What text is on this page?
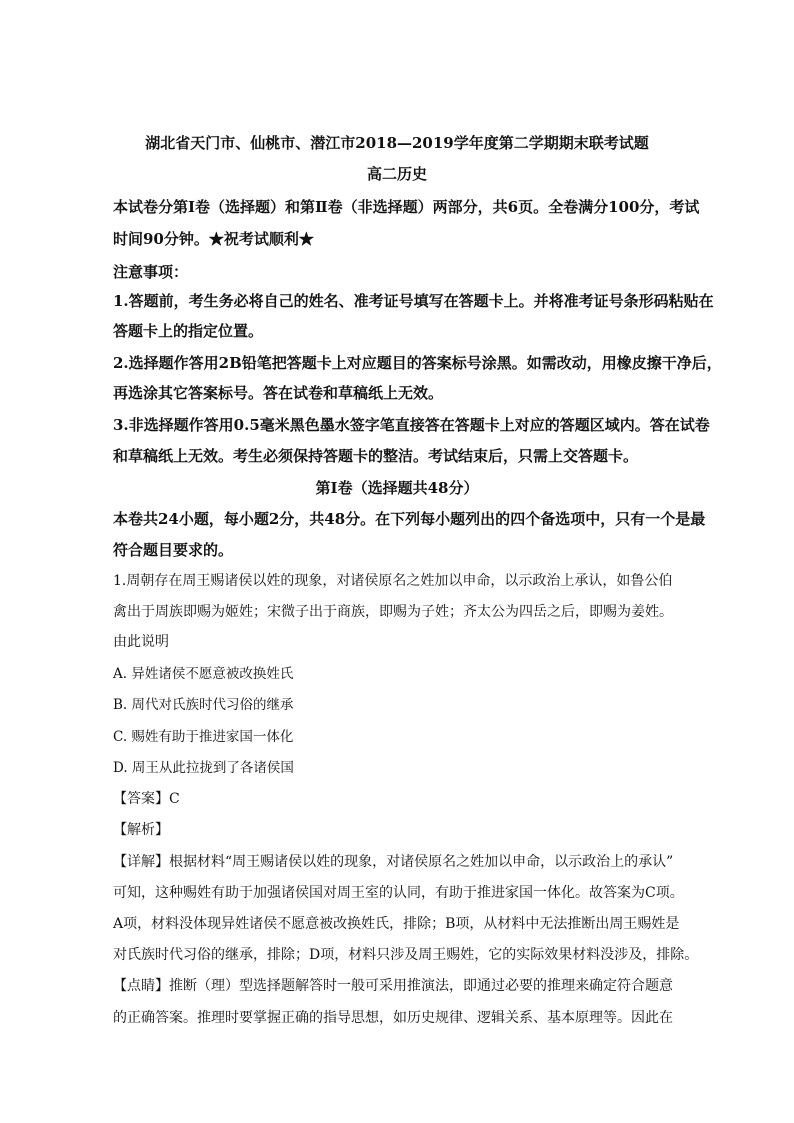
湖北省天门市、仙桃市、潜江市2018—2019学年度第二学期期末联考试题
高二历史
本试卷分第Ⅰ卷（选择题）和第Ⅱ卷（非选择题）两部分，共6页。全卷满分100分，考试
时间90分钟。★祝考试顺利★
注意事项：
1.答题前，考生务必将自己的姓名、准考证号填写在答题卡上。并将准考证号条形码粘贴在
答题卡上的指定位置。
2.选择题作答用2B铅笔把答题卡上对应题目的答案标号涂黑。如需改动，用橡皮擦干净后，
再选涂其它答案标号。答在试卷和草稿纸上无效。
3.非选择题作答用0.5毫米黑色墨水签字笔直接答在答题卡上对应的答题区域内。答在试卷
和草稿纸上无效。考生必须保持答题卡的整洁。考试结束后，只需上交答题卡。
第Ⅰ卷（选择题共48分）
本卷共24小题，每小题2分，共48分。在下列每小题列出的四个备选项中，只有一个是最
符合题目要求的。
1.周朝存在周王赐诸侯以姓的现象，对诸侯原名之姓加以申命，以示政治上承认，如鲁公伯
禽出于周族即赐为姬姓；宋微子出于商族，即赐为子姓；齐太公为四岳之后，即赐为姜姓。
由此说明
A. 异姓诸侯不愿意被改换姓氏
B. 周代对氏族时代习俗的继承
C. 赐姓有助于推进家国一体化
D. 周王从此拉拢到了各诸侯国
【答案】C
【解析】
【详解】根据材料“周王赐诸侯以姓的现象，对诸侯原名之姓加以申命，以示政治上的承认”
可知，这种赐姓有助于加强诸侯国对周王室的认同，有助于推进家国一体化。故答案为C项。
A项，材料没体现异姓诸侯不愿意被改换姓氏，排除；B项，从材料中无法推断出周王赐姓是
对氏族时代习俗的继承，排除；D项，材料只涉及周王赐姓，它的实际效果材料没涉及，排除。
【点睛】推断（理）型选择题解答时一般可采用推演法，即通过必要的推理来确定符合题意
的正确答案。推理时要掌握正确的指导思想，如历史规律、逻辑关系、基本原理等。因此在
